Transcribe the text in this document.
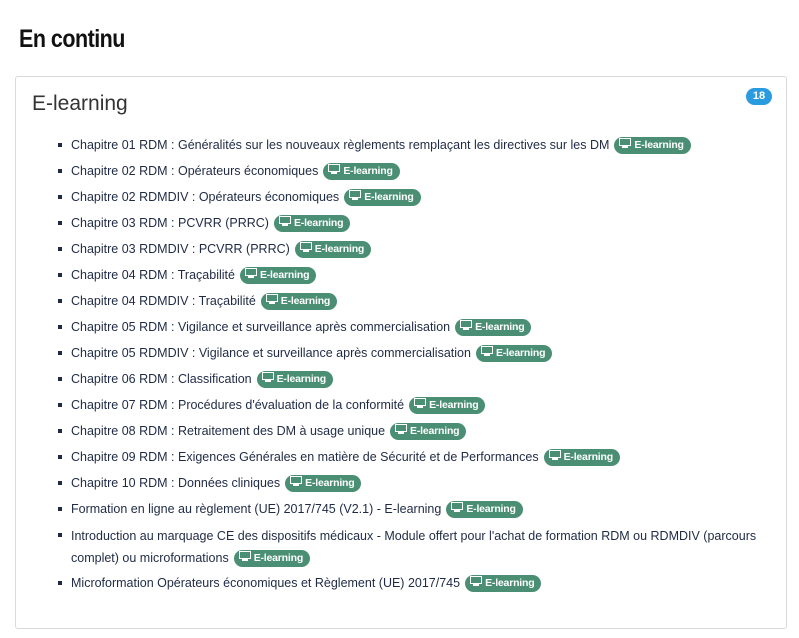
En continu
E-learning	18
Chapitre 01 RDM : Généralités sur les nouveaux règlements remplaçant les directives sur les DM E-learning
Chapitre 02 RDM : Opérateurs économiques E-learning
Chapitre 02 RDMDIV : Opérateurs économiques E-learning
Chapitre 03 RDM : PCVRR (PRRC) E-learning
Chapitre 03 RDMDIV : PCVRR (PRRC) E-learning
Chapitre 04 RDM : Traçabilité E-learning
Chapitre 04 RDMDIV : Traçabilité E-learning
Chapitre 05 RDM : Vigilance et surveillance après commercialisation E-learning
Chapitre 05 RDMDIV : Vigilance et surveillance après commercialisation E-learning
Chapitre 06 RDM : Classification E-learning
Chapitre 07 RDM : Procédures d'évaluation de la conformité E-learning
Chapitre 08 RDM : Retraitement des DM à usage unique E-learning
Chapitre 09 RDM : Exigences Générales en matière de Sécurité et de Performances E-learning
Chapitre 10 RDM : Données cliniques E-learning
Formation en ligne au règlement (UE) 2017/745 (V2.1) - E-learning E-learning
Introduction au marquage CE des dispositifs médicaux - Module offert pour l'achat de formation RDM ou RDMDIV (parcours complet) ou microformations E-learning
Microformation Opérateurs économiques et Règlement (UE) 2017/745 E-learning
